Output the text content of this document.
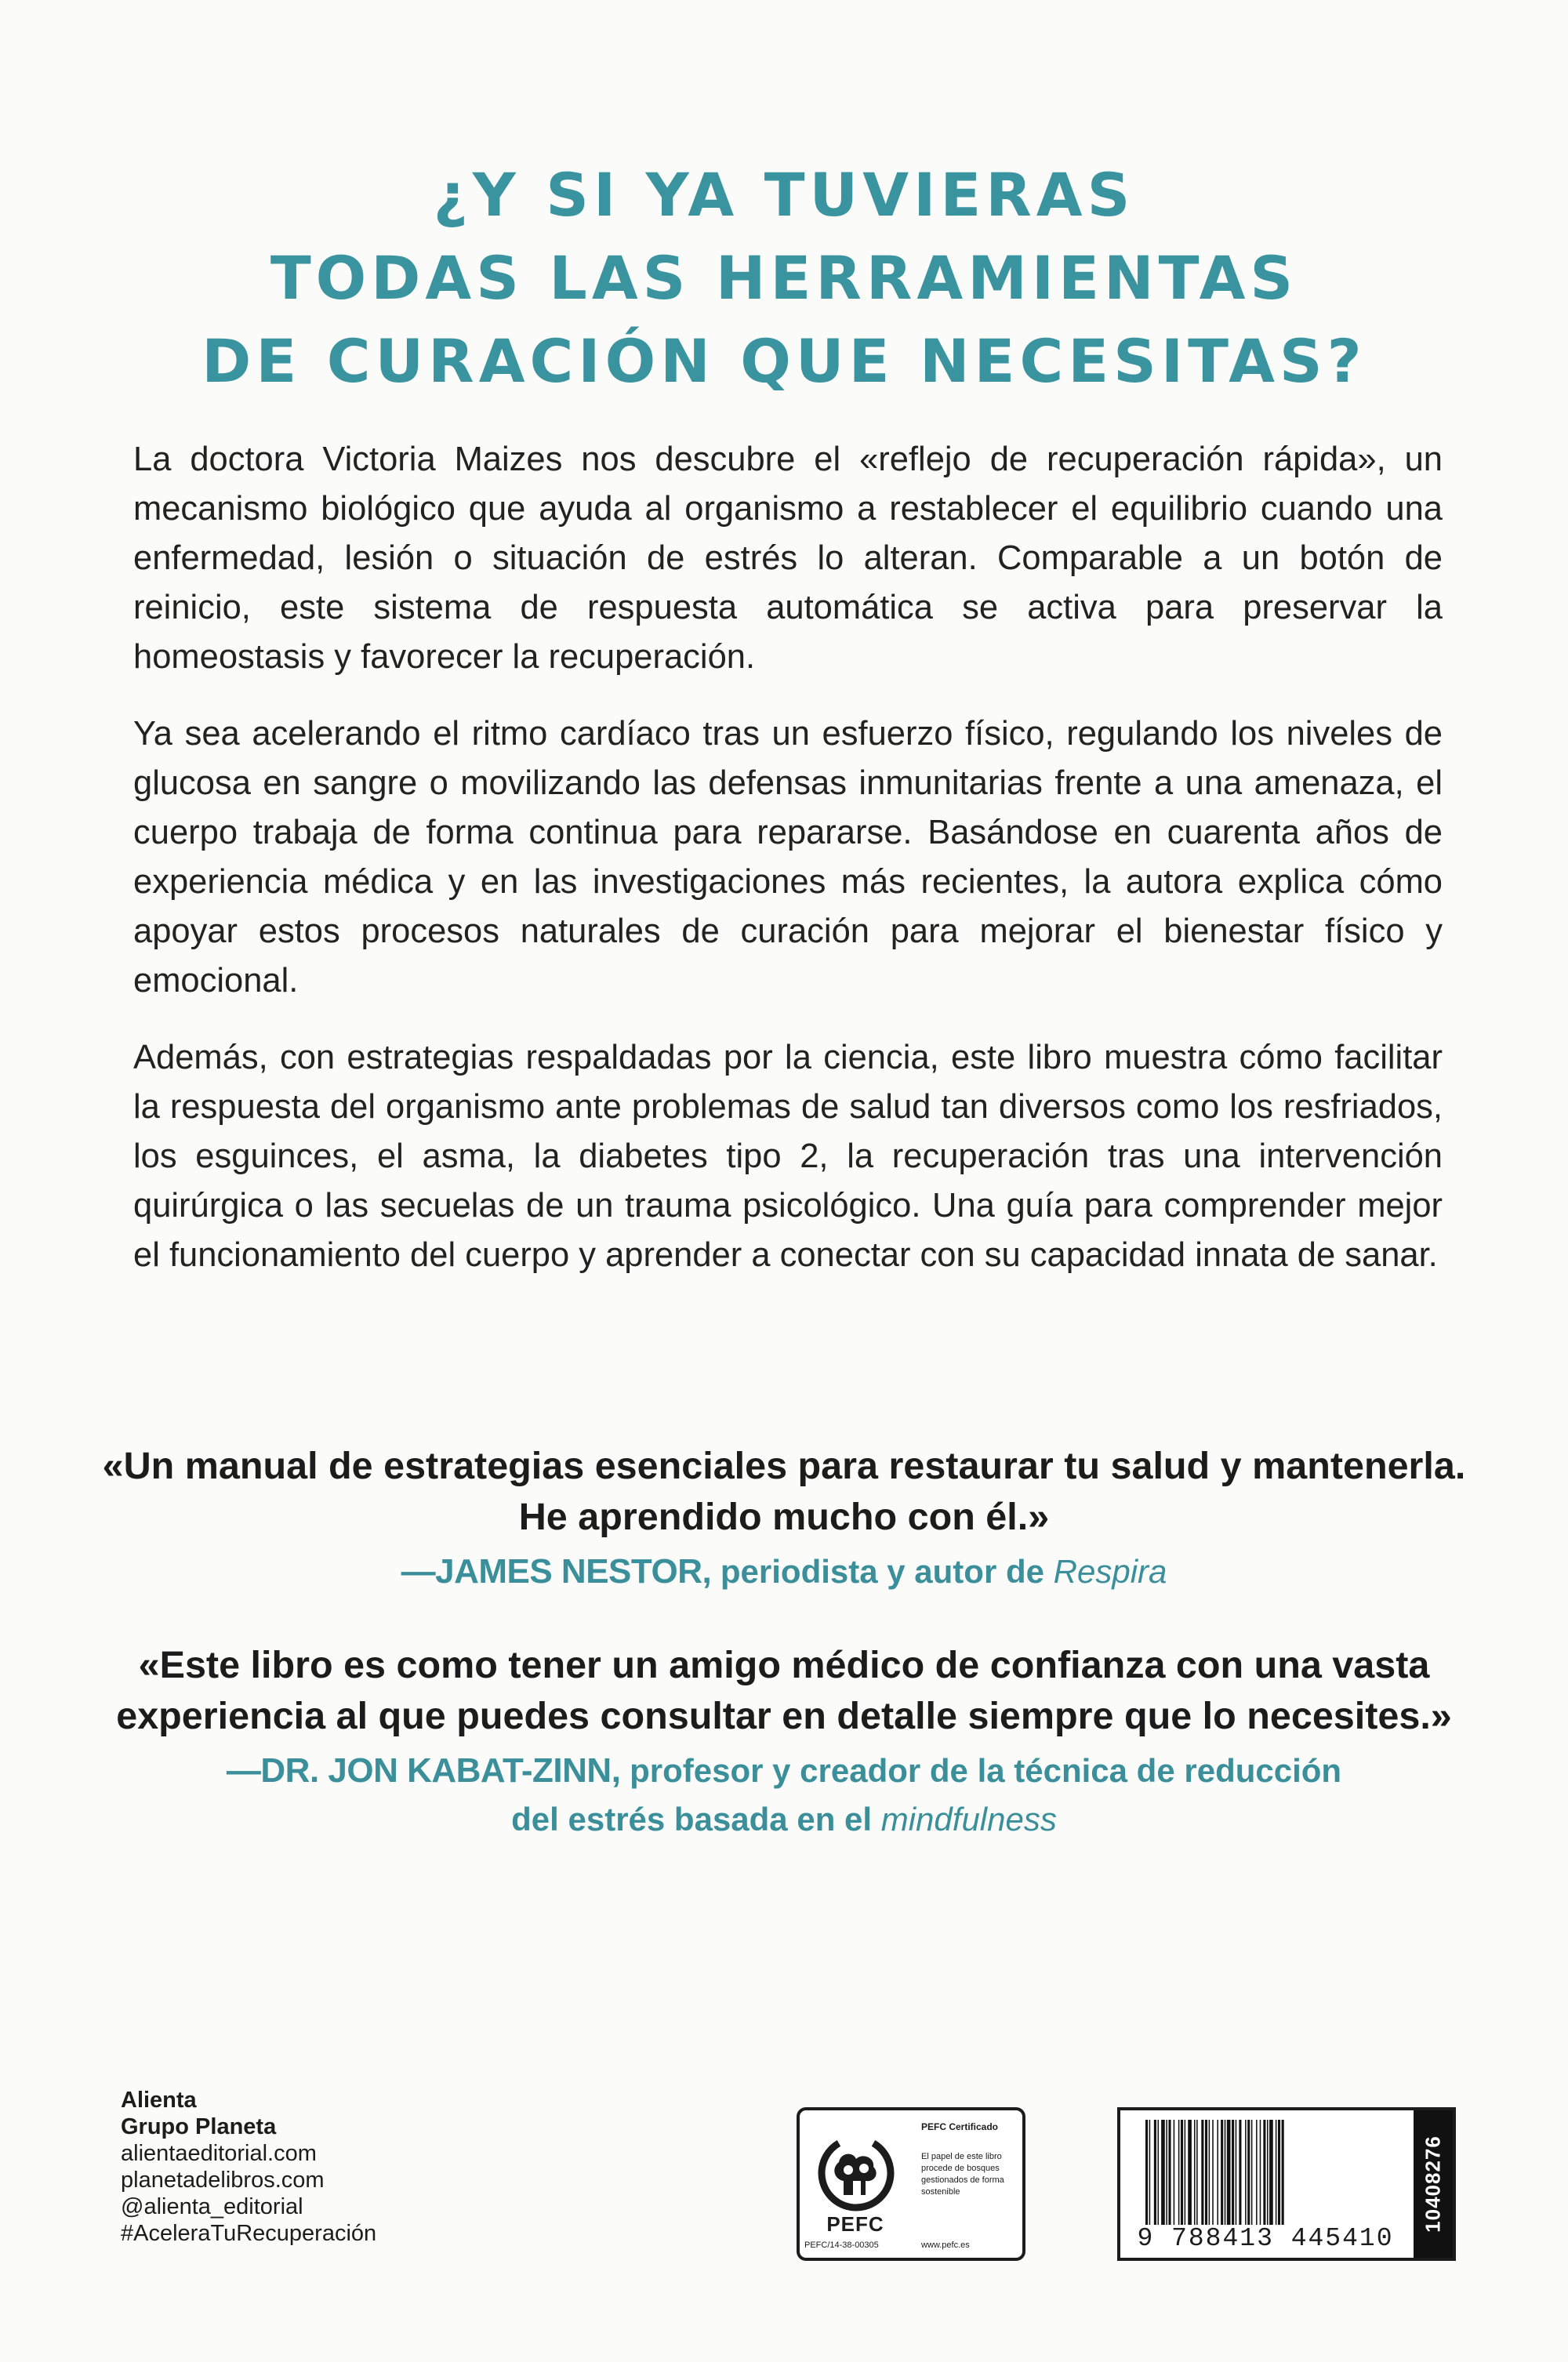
¿Y SI YA TUVIERAS
TODAS LAS HERRAMIENTAS
DE CURACIÓN QUE NECESITAS?

La doctora Victoria Maizes nos descubre el «reflejo de recuperación rápida», un mecanismo biológico que ayuda al organismo a restablecer el equilibrio cuando una enfermedad, lesión o situación de estrés lo alteran. Comparable a un botón de reinicio, este sistema de respuesta automática se activa para preservar la homeostasis y favorecer la recuperación.

Ya sea acelerando el ritmo cardíaco tras un esfuerzo físico, regulando los niveles de glucosa en sangre o movilizando las defensas inmunitarias frente a una amenaza, el cuerpo trabaja de forma continua para repararse. Basándose en cuarenta años de experiencia médica y en las investigaciones más recientes, la autora explica cómo apoyar estos procesos naturales de curación para mejorar el bienestar físico y emocional.

Además, con estrategias respaldadas por la ciencia, este libro muestra cómo facilitar la respuesta del organismo ante problemas de salud tan diversos como los resfriados, los esguinces, el asma, la diabetes tipo 2, la recuperación tras una intervención quirúrgica o las secuelas de un trauma psicológico. Una guía para comprender mejor el funcionamiento del cuerpo y aprender a conectar con su capacidad innata de sanar.

«Un manual de estrategias esenciales para restaurar tu salud y mantenerla.
He aprendido mucho con él.»
—JAMES NESTOR, periodista y autor de Respira
«Este libro es como tener un amigo médico de confianza con una vasta
experiencia al que puedes consultar en detalle siempre que lo necesites.»
—DR. JON KABAT-ZINN, profesor y creador de la técnica de reducción
del estrés basada en el mindfulness
Alienta
Grupo Planeta
alientaeditorial.com
planetadelibros.com
@alienta_editorial
#AceleraTuRecuperación	PEFC
PEFC/14-38-00305
PEFC Certificado
El papel de este libro procede de bosques gestionados de forma sostenible
www.pefc.es	9 788413 445410
10408276
